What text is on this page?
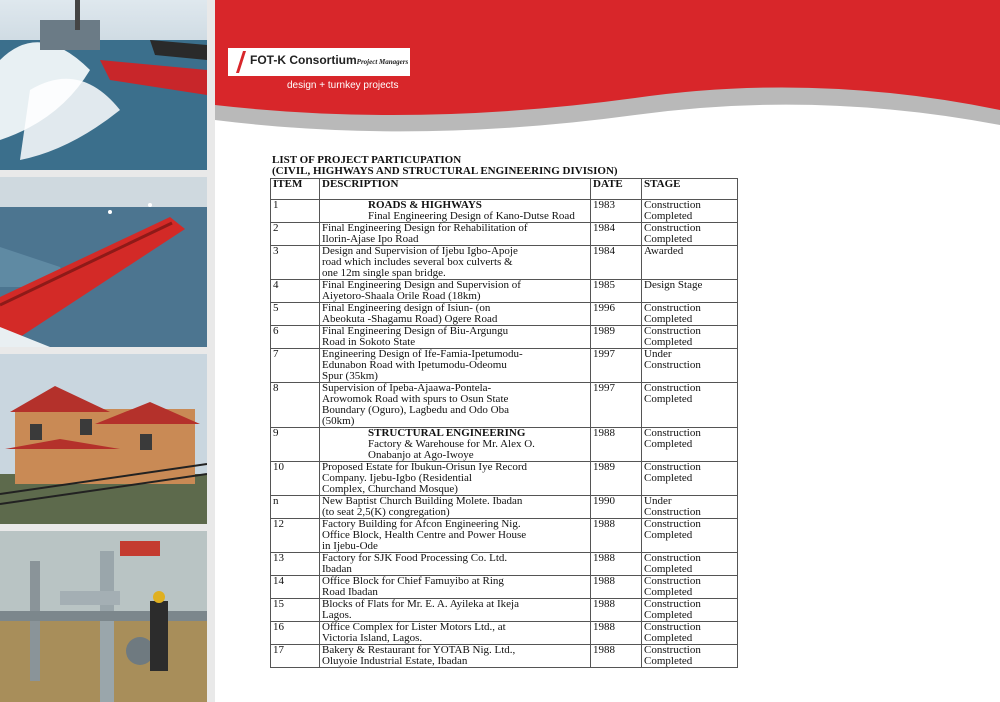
FOT-K ConsortiumProject Managers
design + turnkey projects
LIST OF PROJECT PARTICUPATION
(CIVIL, HIGHWAYS AND STRUCTURAL ENGINEERING DIVISION)
ITEM	DESCRIPTION	DATE	STAGE
1	ROADS & HIGHWAYS
Final Engineering Design of Kano-Dutse Road	1983	Construction
Completed
2	Final Engineering Design for Rehabilitation of
Ilorin-Ajase Ipo Road	1984	Construction
Completed
3	Design and Supervision of Ijebu Igbo-Apoje
road which includes several box culverts &
one 12m single span bridge.	1984	Awarded
4	Final Engineering Design and Supervision of
Aiyetoro-Shaala Orile Road (18km)	1985	Design Stage
5	Final Engineering design of Isiun- (on
Abeokuta -Shagamu Road) Ogere Road	1996	Construction
Completed
6	Final Engineering Design of Biu-Argungu
Road in Sokoto State	1989	Construction
Completed
7	Engineering Design of Ife-Famia-Ipetumodu-
Edunabon Road with Ipetumodu-Odeomu
Spur (35km)	1997	Under
Construction
8	Supervision of Ipeba-Ajaawa-Pontela-
Arowomok Road with spurs to Osun State
Boundary (Oguro), Lagbedu and Odo Oba
(50km)	1997	Construction
Completed
9	STRUCTURAL ENGINEERING
Factory & Warehouse for Mr. Alex O.
Onabanjo at Ago-Iwoye	1988	Construction
Completed
10	Proposed Estate for Ibukun-Orisun Iye Record
Company. Ijebu-Igbo (Residential
Complex, Churchand Mosque)	1989	Construction
Completed
n	New Baptist Church Building Molete. Ibadan
(to seat 2,5(K) congregation)	1990	Under
Construction
12	Factory Building for Afcon Engineering Nig.
Office Block, Health Centre and Power House
in Ijebu-Ode	1988	Construction
Completed
13	Factory for SJK Food Processing Co. Ltd.
Ibadan	1988	Construction
Completed
14	Office Block for Chief Famuyibo at Ring
Road Ibadan	1988	Construction
Completed
15	Blocks of Flats for Mr. E. A. Ayileka at Ikeja
Lagos.	1988	Construction
Completed
16	Office Complex for Lister Motors Ltd., at
Victoria Island, Lagos.	1988	Construction
Completed
17	Bakery & Restaurant for YOTAB Nig. Ltd.,
Oluyoie Industrial Estate, Ibadan	1988	Construction
Completed
